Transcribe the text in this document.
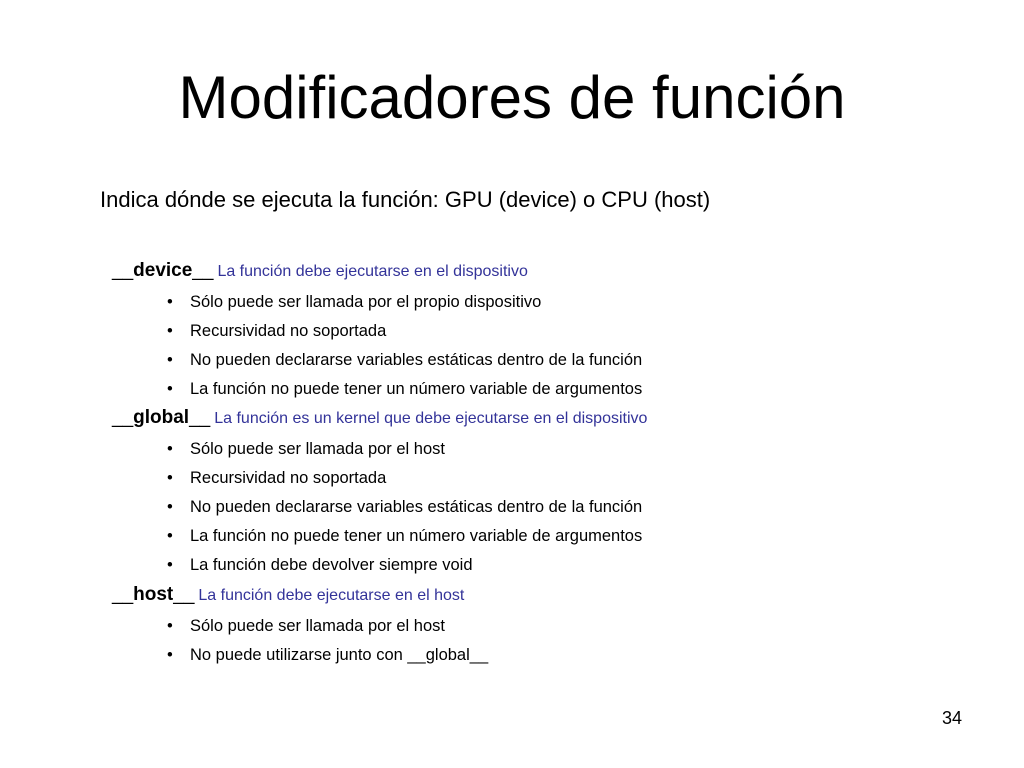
Modificadores de función
Indica dónde se ejecuta la función: GPU (device) o CPU (host)
__device__ La función debe ejecutarse en el dispositivo
• Sólo puede ser llamada por el propio dispositivo
• Recursividad no soportada
• No pueden declararse variables estáticas dentro de la función
• La función no puede tener un número variable de argumentos
__global__ La función es un kernel que debe ejecutarse en el dispositivo
• Sólo puede ser llamada por el host
• Recursividad no soportada
• No pueden declararse variables estáticas dentro de la función
• La función no puede tener un número variable de argumentos
• La función debe devolver siempre void
__host__ La función debe ejecutarse en el host
• Sólo puede ser llamada por el host
• No puede utilizarse junto con __global__
34
